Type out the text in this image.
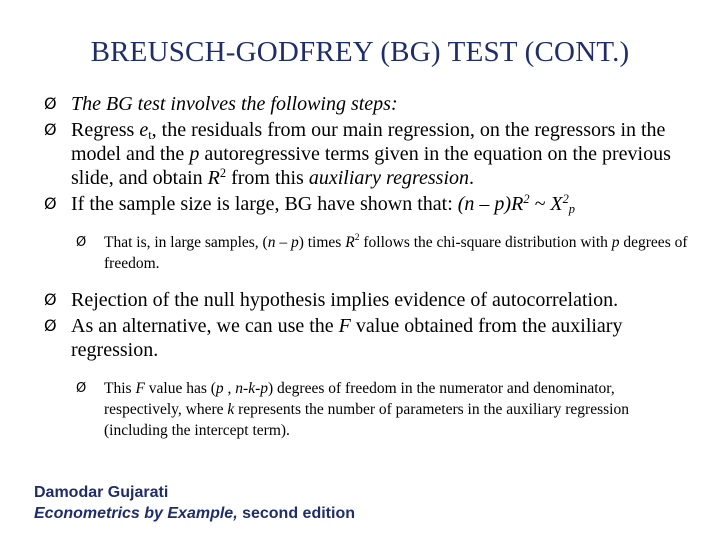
BREUSCH-GODFREY (BG) TEST (CONT.)
Ø The BG test involves the following steps:
Ø Regress $e_t$, the residuals from our main regression, on the regressors in the model and the p autoregressive terms given in the equation on the previous slide, and obtain $R^2$ from this auxiliary regression.
Ø If the sample size is large, BG have shown that: $(n - p)R^2$ ~ $X^2_p$
Ø That is, in large samples, (n – p) times $R^2$ follows the chi-square distribution with p degrees of freedom.
Ø Rejection of the null hypothesis implies evidence of autocorrelation.
Ø As an alternative, we can use the F value obtained from the auxiliary regression.
Ø This F value has (p , n-k-p) degrees of freedom in the numerator and denominator, respectively, where k represents the number of parameters in the auxiliary regression (including the intercept term).
Damodar Gujarati
Econometrics by Example, second edition
